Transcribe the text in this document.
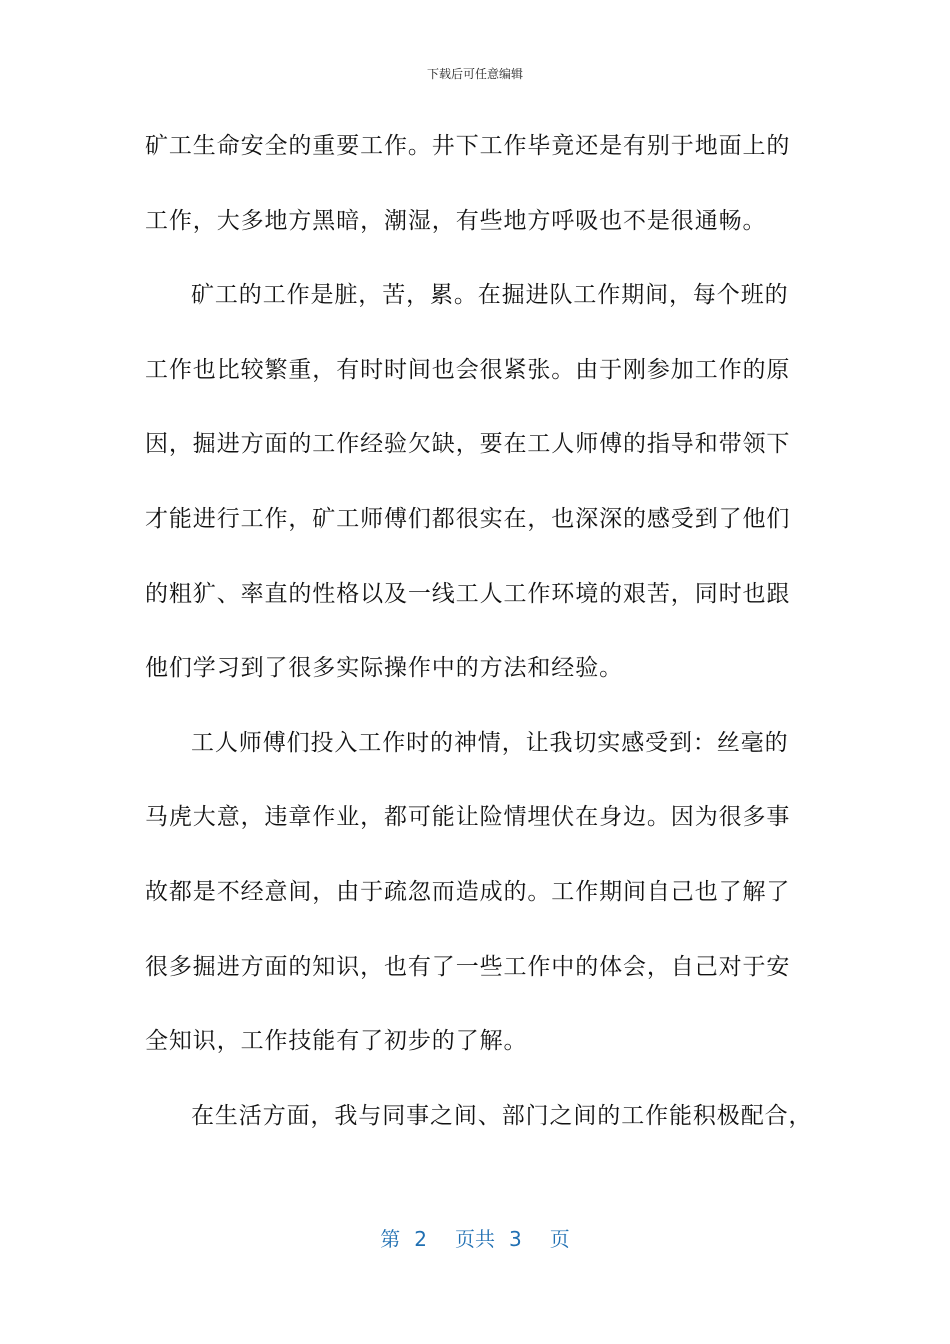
下载后可任意编辑
矿工生命安全的重要工作。井下工作毕竟还是有别于地面上的
工作，大多地方黑暗，潮湿，有些地方呼吸也不是很通畅。
矿工的工作是脏，苦，累。在掘进队工作期间，每个班的
工作也比较繁重，有时时间也会很紧张。由于刚参加工作的原
因，掘进方面的工作经验欠缺，要在工人师傅的指导和带领下
才能进行工作，矿工师傅们都很实在，也深深的感受到了他们
的粗犷、率直的性格以及一线工人工作环境的艰苦，同时也跟
他们学习到了很多实际操作中的方法和经验。
工人师傅们投入工作时的神情，让我切实感受到：丝毫的
马虎大意，违章作业，都可能让险情埋伏在身边。因为很多事
故都是不经意间，由于疏忽而造成的。工作期间自己也了解了
很多掘进方面的知识，也有了一些工作中的体会，自己对于安
全知识，工作技能有了初步的了解。
在生活方面，我与同事之间、部门之间的工作能积极配合，
第 2 页共 3 页
